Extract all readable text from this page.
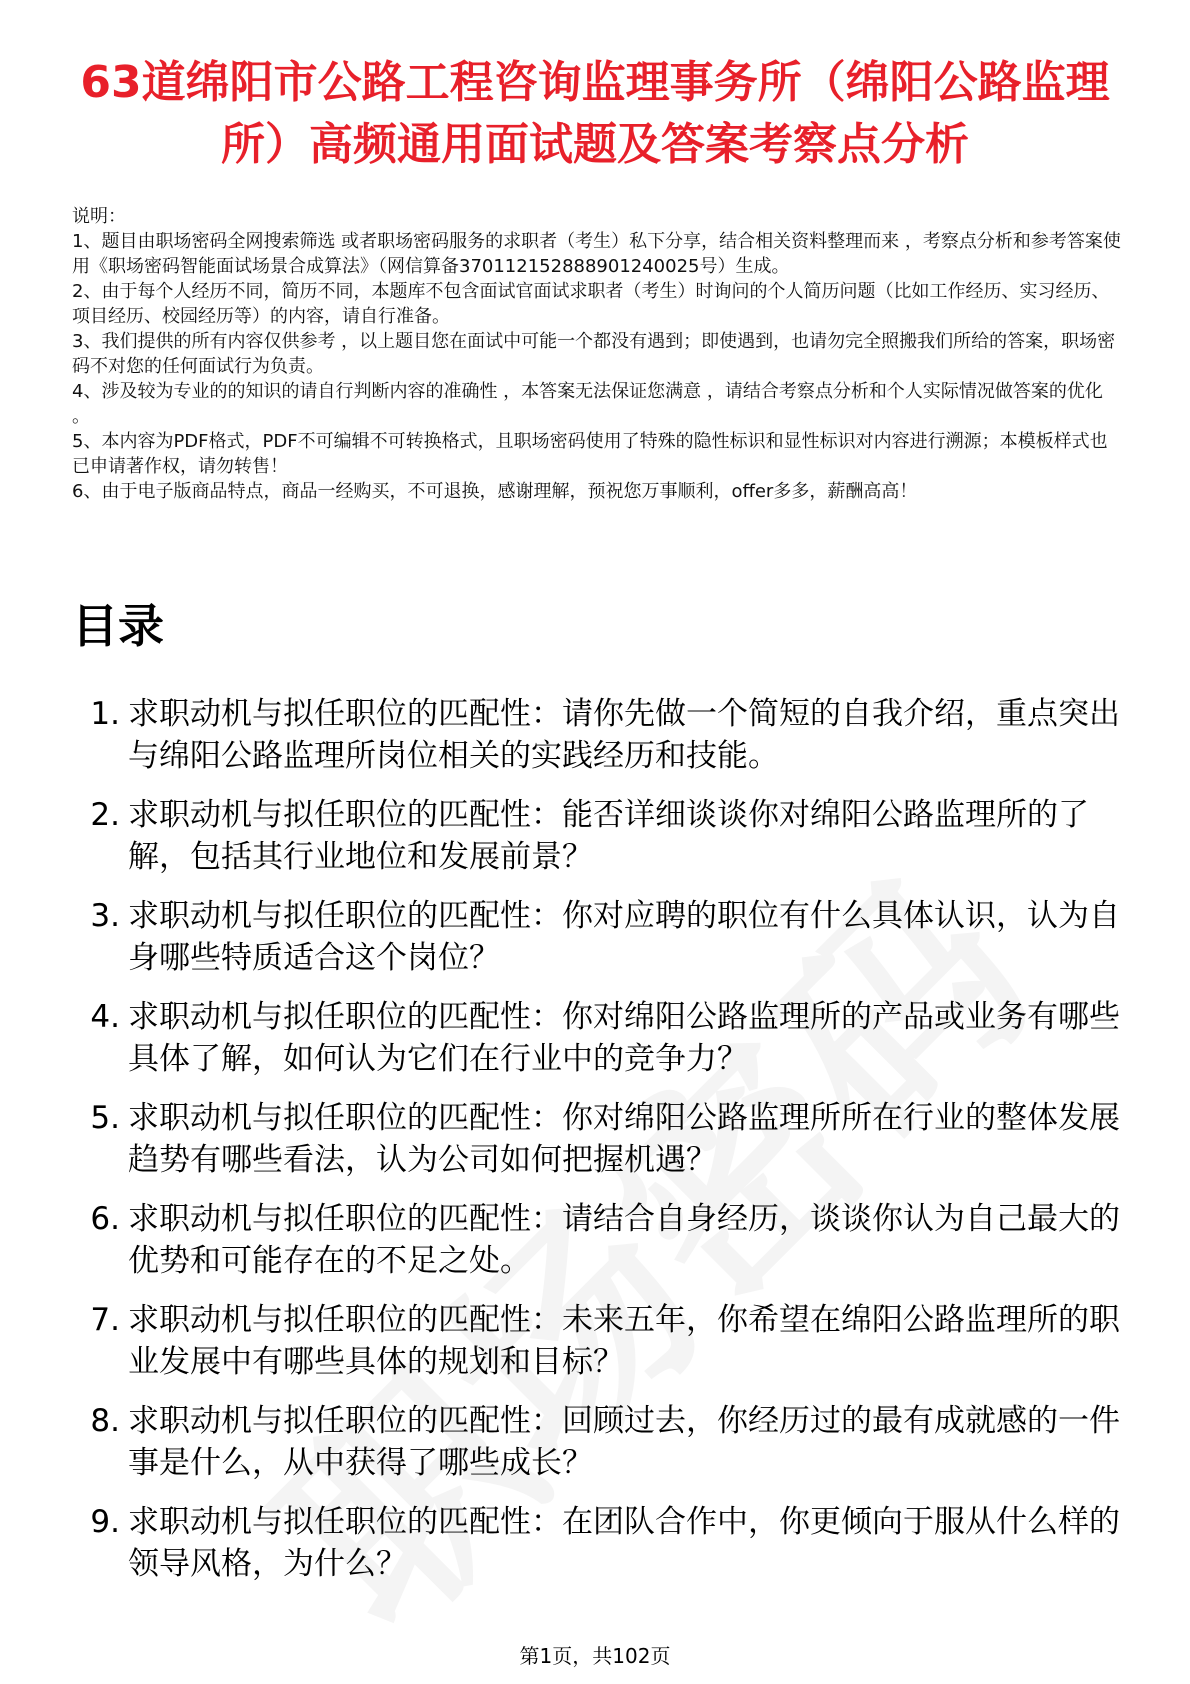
63道绵阳市公路工程咨询监理事务所（绵阳公路监理所）高频通用面试题及答案考察点分析

说明：

1、题目由职场密码全网搜索筛选 或者职场密码服务的求职者（考生）私下分享，结合相关资料整理而来 ，考察点分析和参考答案使用《职场密码智能面试场景合成算法》（网信算备370112152888901240025号）生成。

2、由于每个人经历不同，简历不同，本题库不包含面试官面试求职者（考生）时询问的个人简历问题（比如工作经历、实习经历、项目经历、校园经历等）的内容，请自行准备。

3、我们提供的所有内容仅供参考 ，以上题目您在面试中可能一个都没有遇到；即使遇到，也请勿完全照搬我们所给的答案，职场密码不对您的任何面试行为负责。

4、涉及较为专业的的知识的请自行判断内容的准确性 ，本答案无法保证您满意 ，请结合考察点分析和个人实际情况做答案的优化 。

5、本内容为PDF格式，PDF不可编辑不可转换格式，且职场密码使用了特殊的隐性标识和显性标识对内容进行溯源；本模板样式也已申请著作权，请勿转售！

6、由于电子版商品特点，商品一经购买，不可退换，感谢理解，预祝您万事顺利，offer多多，薪酬高高！

目录
1. 求职动机与拟任职位的匹配性：请你先做一个简短的自我介绍，重点突出与绵阳公路监理所岗位相关的实践经历和技能。
2. 求职动机与拟任职位的匹配性：能否详细谈谈你对绵阳公路监理所的了解，包括其行业地位和发展前景？
3. 求职动机与拟任职位的匹配性：你对应聘的职位有什么具体认识，认为自身哪些特质适合这个岗位？
4. 求职动机与拟任职位的匹配性：你对绵阳公路监理所的产品或业务有哪些具体了解，如何认为它们在行业中的竞争力？
5. 求职动机与拟任职位的匹配性：你对绵阳公路监理所所在行业的整体发展趋势有哪些看法，认为公司如何把握机遇？
6. 求职动机与拟任职位的匹配性：请结合自身经历，谈谈你认为自己最大的优势和可能存在的不足之处。
7. 求职动机与拟任职位的匹配性：未来五年，你希望在绵阳公路监理所的职业发展中有哪些具体的规划和目标？
8. 求职动机与拟任职位的匹配性：回顾过去，你经历过的最有成就感的一件事是什么，从中获得了哪些成长？
9. 求职动机与拟任职位的匹配性：在团队合作中，你更倾向于服从什么样的领导风格，为什么？
第1页，共102页
